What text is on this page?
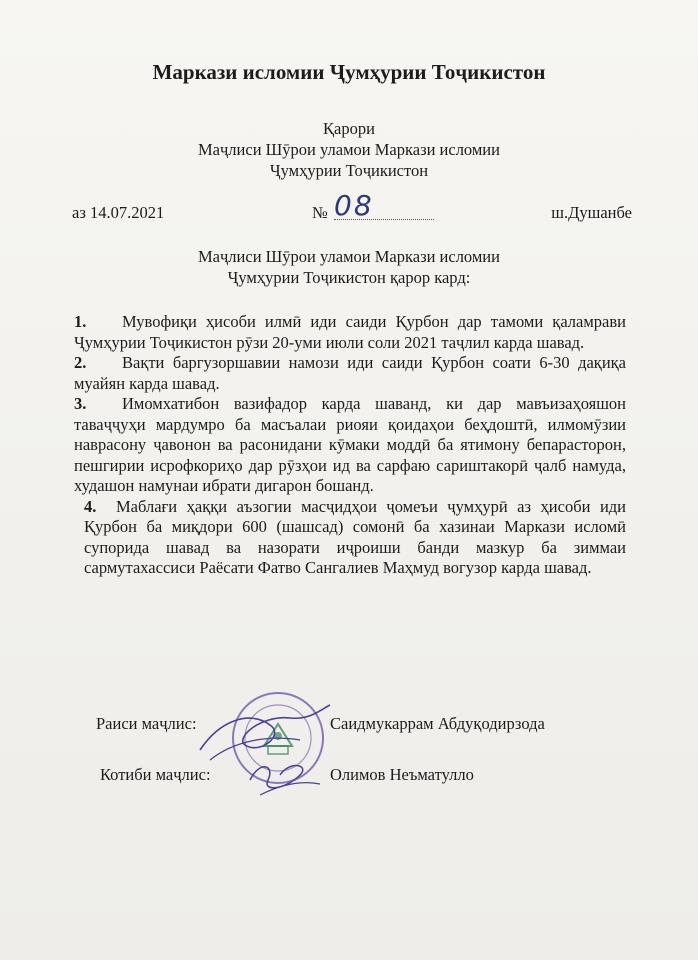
Маркази исломии Ҷумҳурии Тоҷикистон
Қарори
Маҷлиси Шӯрои уламои Маркази исломии
Ҷумҳурии Тоҷикистон
аз 14.07.2021	№ 08	ш.Душанбе
Маҷлиси Шӯрои уламои Маркази исломии
Ҷумҳурии Тоҷикистон қарор кард:
1. Мувофиқи ҳисоби илмӣ иди саиди Қурбон дар тамоми қаламрави Ҷумҳурии Тоҷикистон рӯзи 20-уми июли соли 2021 таҷлил карда шавад.
2. Вақти баргузоршавии намози иди саиди Қурбон соати 6-30 дақиқа муайян карда шавад.
3. Имомхатибон вазифадор карда шаванд, ки дар мавъизаҳояшон таваҷҷуҳи мардумро ба масъалаи риояи қоидаҳои беҳдоштӣ, илмомӯзии наврасону ҷавонон ва расонидани кӯмаки моддӣ ба ятимону бепарасторон, пешгирии исрофкориҳо дар рӯзҳои ид ва сарфаю сариштакорӣ ҷалб намуда, худашон намунаи ибрати дигарон бошанд.
4. Маблағи ҳаққи аъзогии масҷидҳои ҷомеъи ҷумҳурӣ аз ҳисоби иди Қурбон ба миқдори 600 (шашсад) сомонӣ ба хазинаи Маркази исломӣ супорида шавад ва назорати иҷроиши банди мазкур ба зиммаи сармутахассиси Раёсати Фатво Сангалиев Маҳмуд вогузор карда шавад.
Раиси маҷлис:	Саидмукаррам Абдуқодирзода
Котиби маҷлис:	Олимов Неъматулло
